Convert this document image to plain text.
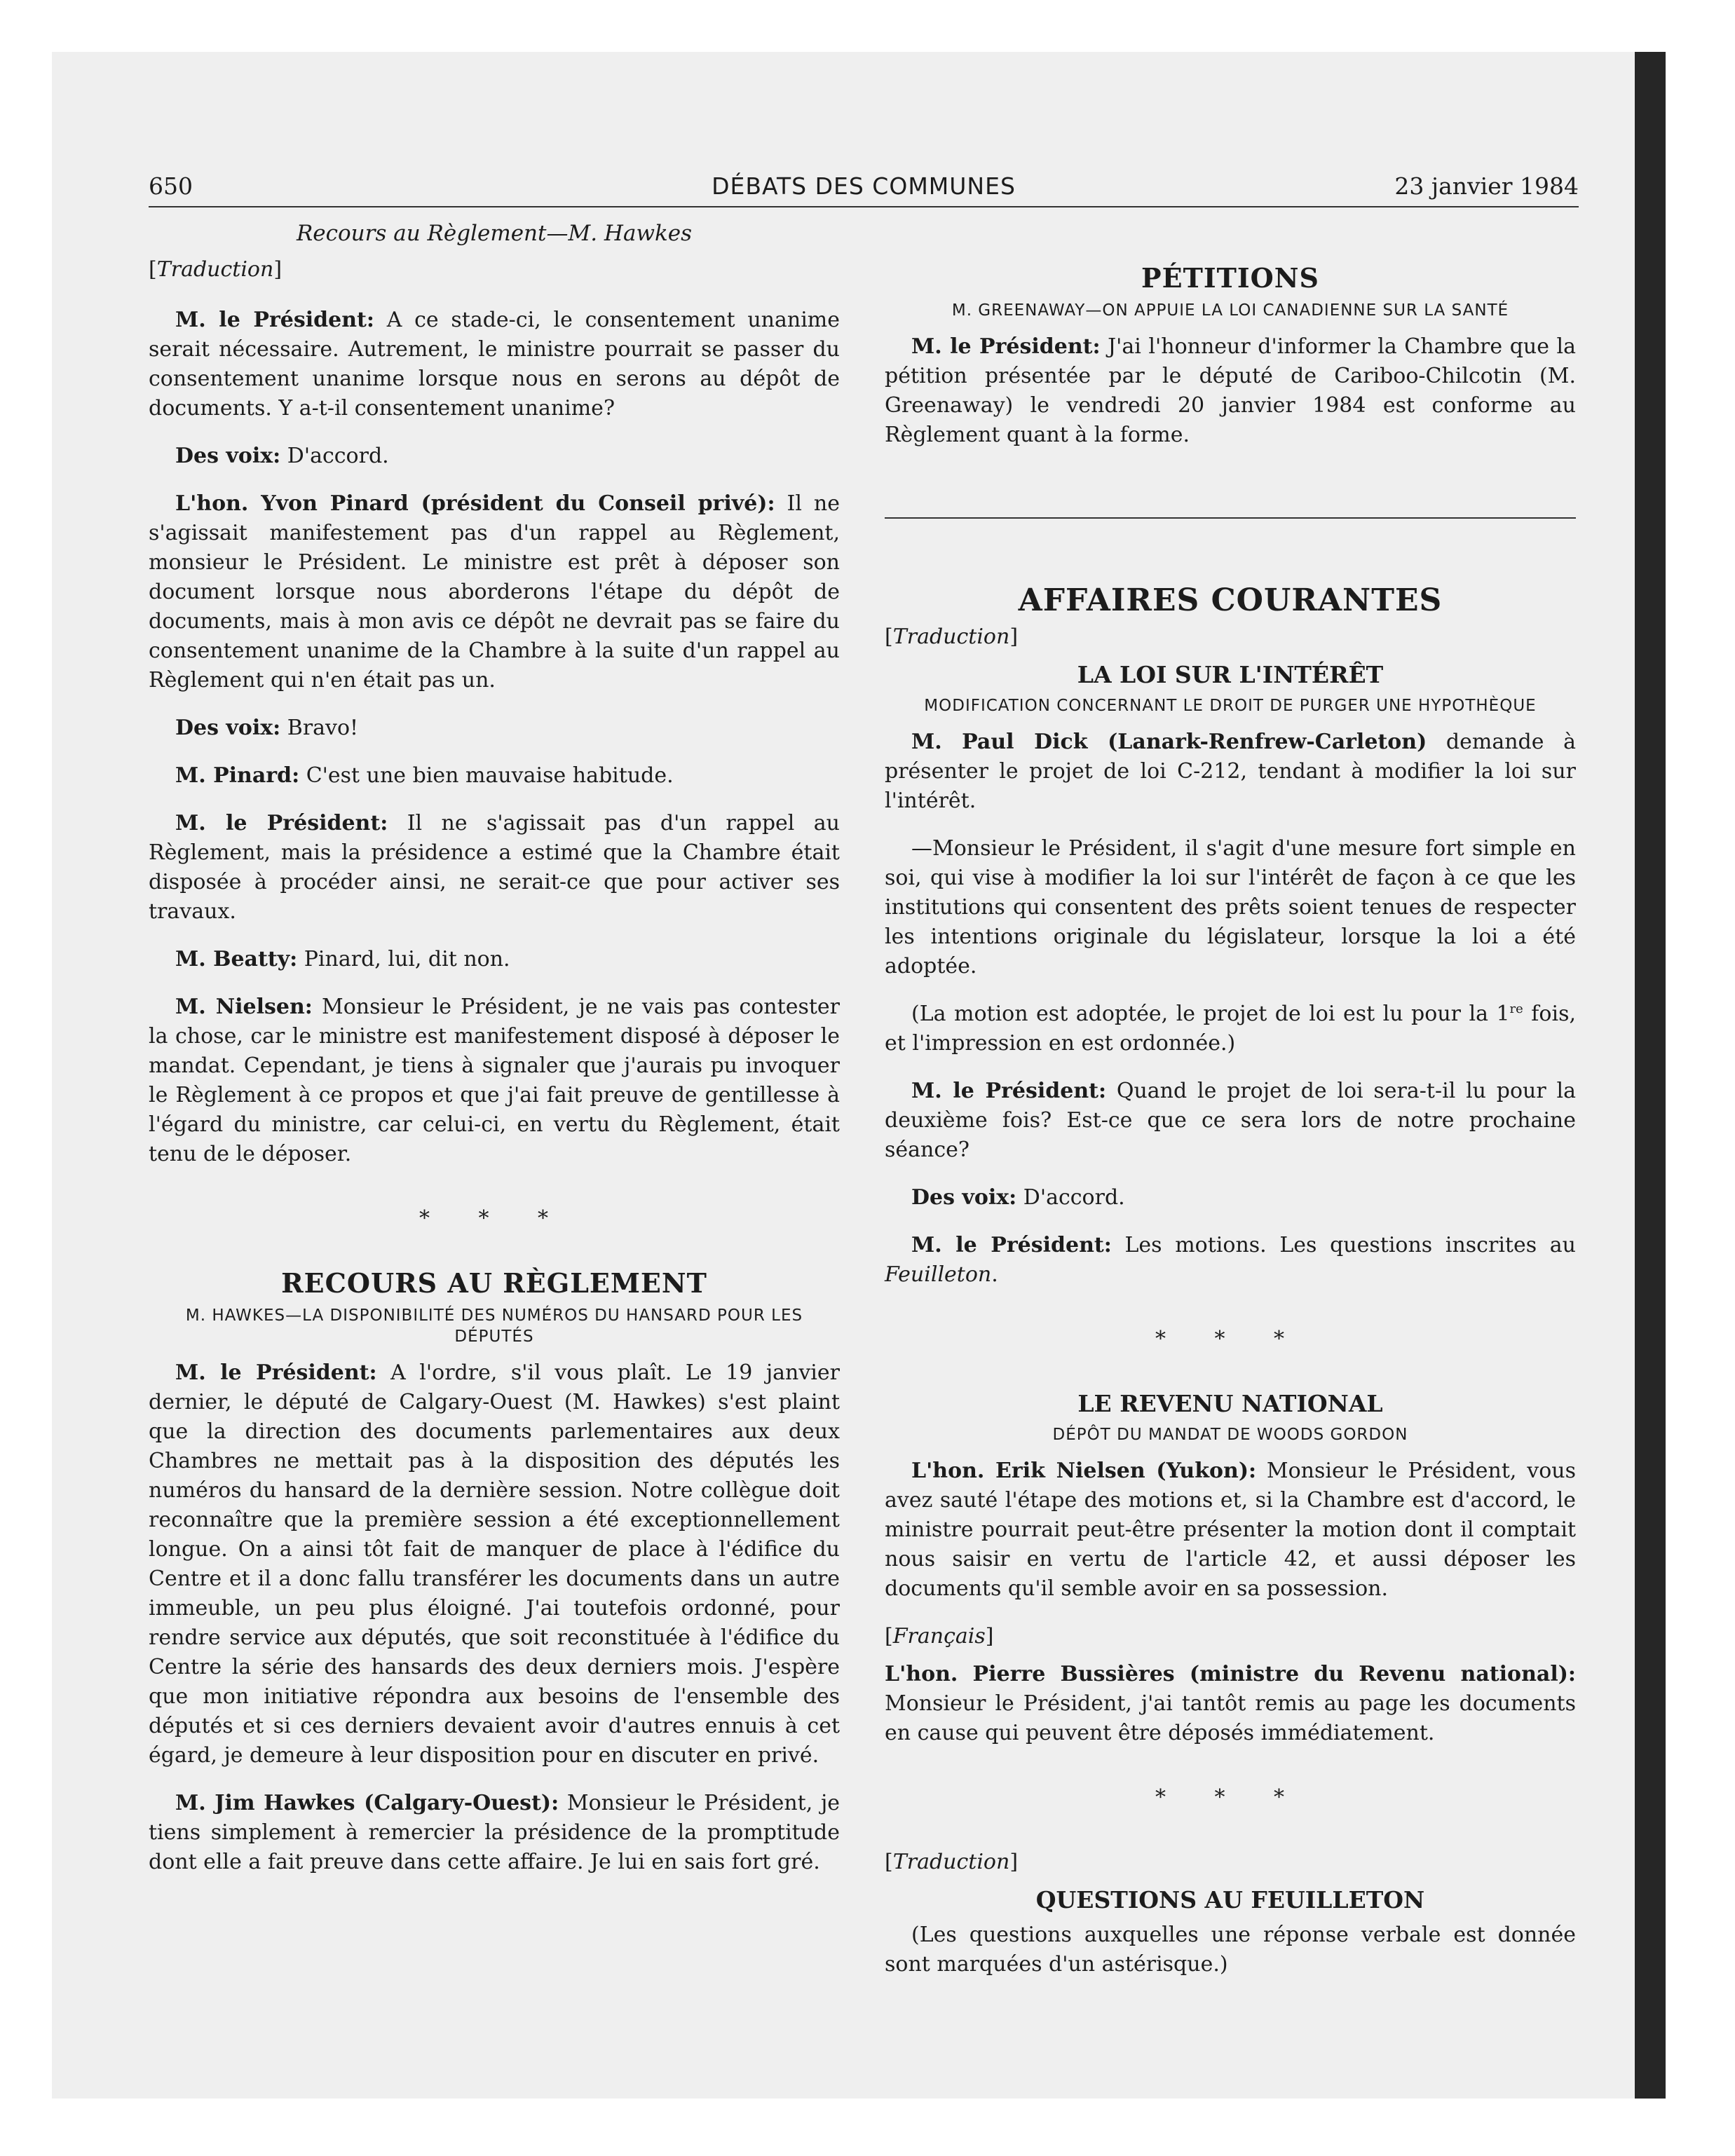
650	DÉBATS DES COMMUNES	23 janvier 1984
Recours au Règlement—M. Hawkes
[Traduction]

M. le Président: A ce stade-ci, le consentement unanime serait nécessaire. Autrement, le ministre pourrait se passer du consentement unanime lorsque nous en serons au dépôt de documents. Y a-t-il consentement unanime?

Des voix: D'accord.

L'hon. Yvon Pinard (président du Conseil privé): Il ne s'agissait manifestement pas d'un rappel au Règlement, monsieur le Président. Le ministre est prêt à déposer son document lorsque nous aborderons l'étape du dépôt de documents, mais à mon avis ce dépôt ne devrait pas se faire du consentement unanime de la Chambre à la suite d'un rappel au Règlement qui n'en était pas un.

Des voix: Bravo!

M. Pinard: C'est une bien mauvaise habitude.

M. le Président: Il ne s'agissait pas d'un rappel au Règlement, mais la présidence a estimé que la Chambre était disposée à procéder ainsi, ne serait-ce que pour activer ses travaux.

M. Beatty: Pinard, lui, dit non.

M. Nielsen: Monsieur le Président, je ne vais pas contester la chose, car le ministre est manifestement disposé à déposer le mandat. Cependant, je tiens à signaler que j'aurais pu invoquer le Règlement à ce propos et que j'ai fait preuve de gentillesse à l'égard du ministre, car celui-ci, en vertu du Règlement, était tenu de le déposer.

* * *
RECOURS AU RÈGLEMENT
M. HAWKES—LA DISPONIBILITÉ DES NUMÉROS DU HANSARD POUR LES DÉPUTÉS

M. le Président: A l'ordre, s'il vous plaît. Le 19 janvier dernier, le député de Calgary-Ouest (M. Hawkes) s'est plaint que la direction des documents parlementaires aux deux Chambres ne mettait pas à la disposition des députés les numéros du hansard de la dernière session. Notre collègue doit reconnaître que la première session a été exceptionnellement longue. On a ainsi tôt fait de manquer de place à l'édifice du Centre et il a donc fallu transférer les documents dans un autre immeuble, un peu plus éloigné. J'ai toutefois ordonné, pour rendre service aux députés, que soit reconstituée à l'édifice du Centre la série des hansards des deux derniers mois. J'espère que mon initiative répondra aux besoins de l'ensemble des députés et si ces derniers devaient avoir d'autres ennuis à cet égard, je demeure à leur disposition pour en discuter en privé.

M. Jim Hawkes (Calgary-Ouest): Monsieur le Président, je tiens simplement à remercier la présidence de la promptitude dont elle a fait preuve dans cette affaire. Je lui en sais fort gré.

PÉTITIONS
M. GREENAWAY—ON APPUIE LA LOI CANADIENNE SUR LA SANTÉ

M. le Président: J'ai l'honneur d'informer la Chambre que la pétition présentée par le député de Cariboo-Chilcotin (M. Greenaway) le vendredi 20 janvier 1984 est conforme au Règlement quant à la forme.

AFFAIRES COURANTES
[Traduction]
LA LOI SUR L'INTÉRÊT
MODIFICATION CONCERNANT LE DROIT DE PURGER UNE HYPOTHÈQUE

M. Paul Dick (Lanark-Renfrew-Carleton) demande à présenter le projet de loi C-212, tendant à modifier la loi sur l'intérêt.

—Monsieur le Président, il s'agit d'une mesure fort simple en soi, qui vise à modifier la loi sur l'intérêt de façon à ce que les institutions qui consentent des prêts soient tenues de respecter les intentions originale du législateur, lorsque la loi a été adoptée.

(La motion est adoptée, le projet de loi est lu pour la 1re fois, et l'impression en est ordonnée.)

M. le Président: Quand le projet de loi sera-t-il lu pour la deuxième fois? Est-ce que ce sera lors de notre prochaine séance?

Des voix: D'accord.

M. le Président: Les motions. Les questions inscrites au Feuilleton.

* * *
LE REVENU NATIONAL
DÉPÔT DU MANDAT DE WOODS GORDON

L'hon. Erik Nielsen (Yukon): Monsieur le Président, vous avez sauté l'étape des motions et, si la Chambre est d'accord, le ministre pourrait peut-être présenter la motion dont il comptait nous saisir en vertu de l'article 42, et aussi déposer les documents qu'il semble avoir en sa possession.

[Français]

L'hon. Pierre Bussières (ministre du Revenu national): Monsieur le Président, j'ai tantôt remis au page les documents en cause qui peuvent être déposés immédiatement.

* * *
[Traduction]
QUESTIONS AU FEUILLETON

(Les questions auxquelles une réponse verbale est donnée sont marquées d'un astérisque.)
